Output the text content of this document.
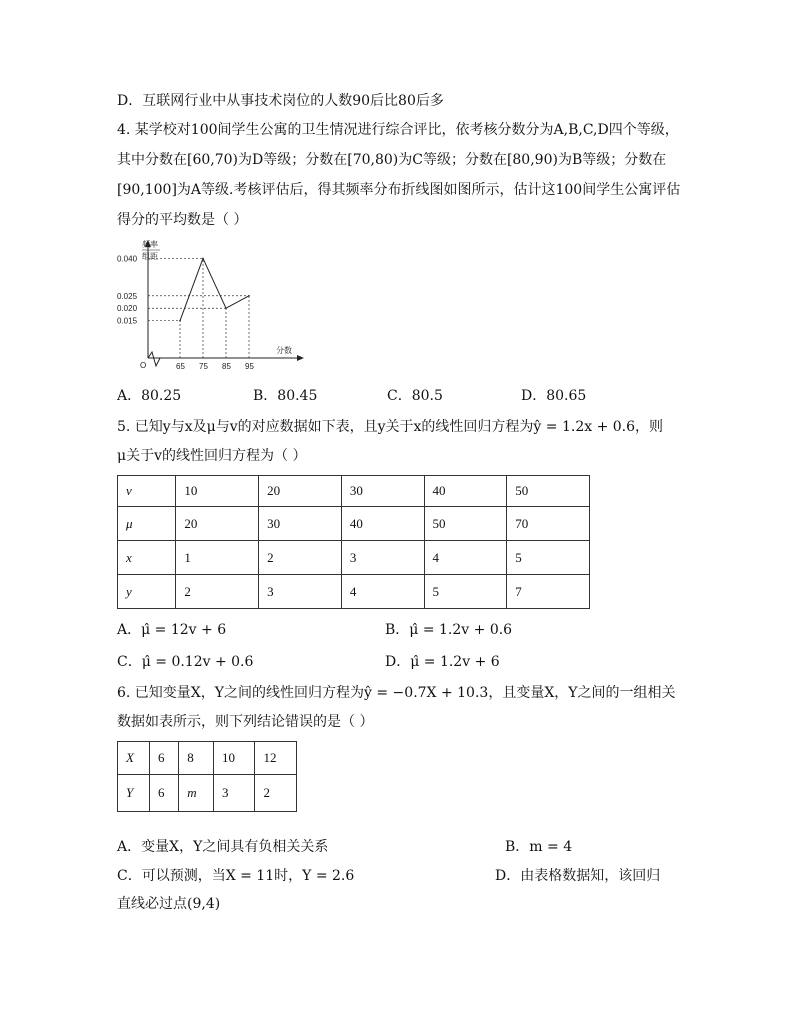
D．互联网行业中从事技术岗位的人数90后比80后多
4. 某学校对100间学生公寓的卫生情况进行综合评比，依考核分数分为A,B,C,D四个等级，
其中分数在[60,70)为D等级；分数在[70,80)为C等级；分数在[80,90)为B等级；分数在
[90,100]为A等级.考核评估后，得其频率分布折线图如图所示，估计这100间学生公寓评估
得分的平均数是（ ）
O
频率
组距
分数
65 75 85 95
0.040
0.025
0.020
0.015
A．80.25	B．80.45	C．80.5	D．80.65
5. 已知y与x及μ与v的对应数据如下表，且y关于x的线性回归方程为ŷ = 1.2x + 0.6，则
μ关于v的线性回归方程为（ ）
v	10	20	30	40	50
μ	20	30	40	50	70
x	1	2	3	4	5
y	2	3	4	5	7
A．μ̂ = 12v + 6	B．μ̂ = 1.2v + 0.6
C．μ̂ = 0.12v + 0.6	D．μ̂ = 1.2v + 6
6. 已知变量X，Y之间的线性回归方程为ŷ = −0.7X + 10.3，且变量X，Y之间的一组相关
数据如表所示，则下列结论错误的是（ ）
X	6	8	10	12
Y	6	m	3	2
A．变量X，Y之间具有负相关关系	B．m = 4
C．可以预测，当X = 11时，Y = 2.6	D．由表格数据知，该回归
直线必过点(9,4)
